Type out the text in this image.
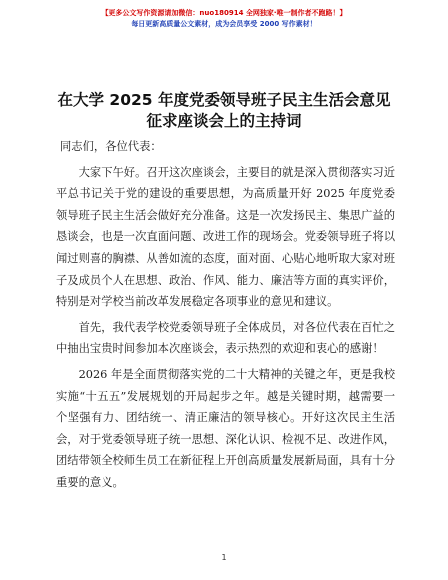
【更多公文写作资源请加微信：nuo180914 全网独家·唯一制作者不跑路！】
每日更新高质量公文素材，成为会员享受 2000 写作素材！
在大学 2025 年度党委领导班子民主生活会意见征求座谈会上的主持词

同志们，各位代表：

大家下午好。召开这次座谈会，主要目的就是深入贯彻落实习近平总书记关于党的建设的重要思想，为高质量开好 2025 年度党委领导班子民主生活会做好充分准备。这是一次发扬民主、集思广益的恳谈会，也是一次直面问题、改进工作的现场会。党委领导班子将以闻过则喜的胸襟、从善如流的态度，面对面、心贴心地听取大家对班子及成员个人在思想、政治、作风、能力、廉洁等方面的真实评价，特别是对学校当前改革发展稳定各项事业的意见和建议。

首先，我代表学校党委领导班子全体成员，对各位代表在百忙之中抽出宝贵时间参加本次座谈会，表示热烈的欢迎和衷心的感谢！

2026 年是全面贯彻落实党的二十大精神的关键之年，更是我校实施“十五五”发展规划的开局起步之年。越是关键时期，越需要一个坚强有力、团结统一、清正廉洁的领导核心。开好这次民主生活会，对于党委领导班子统一思想、深化认识、检视不足、改进作风，团结带领全校师生员工在新征程上开创高质量发展新局面，具有十分重要的意义。

1
